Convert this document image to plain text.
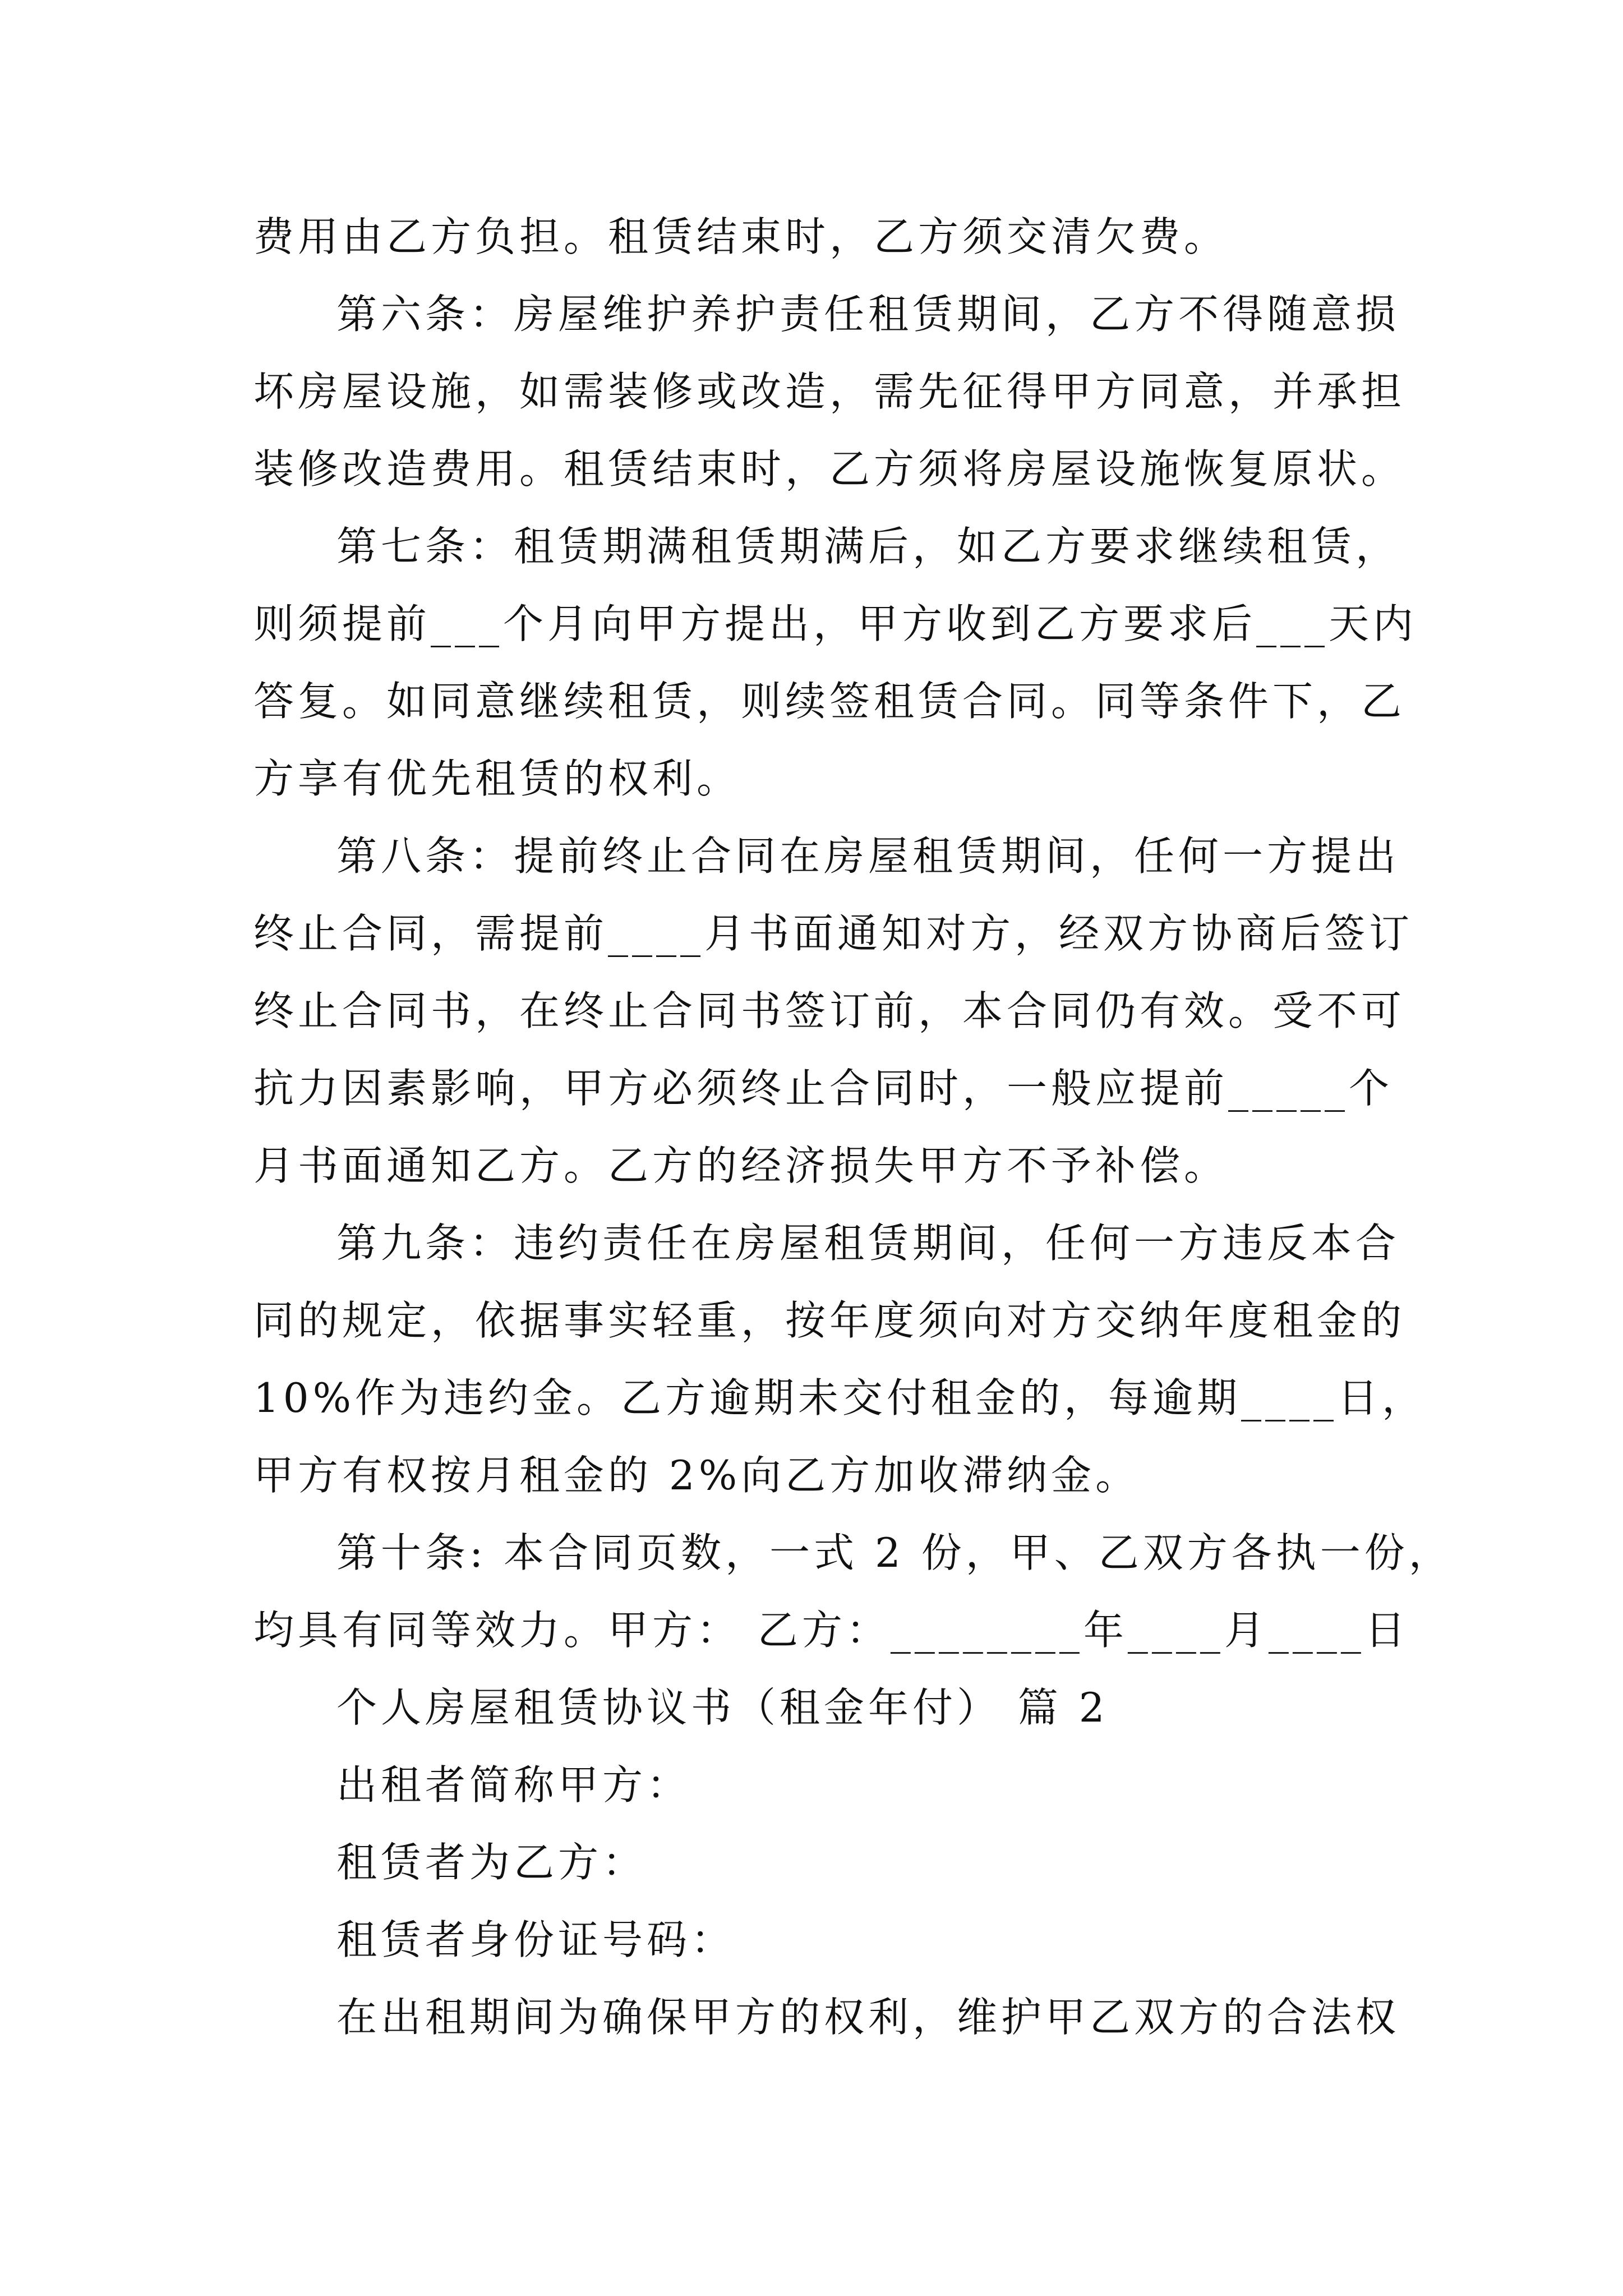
费用由乙方负担。租赁结束时，乙方须交清欠费。
第六条：房屋维护养护责任租赁期间，乙方不得随意损
坏房屋设施，如需装修或改造，需先征得甲方同意，并承担
装修改造费用。租赁结束时，乙方须将房屋设施恢复原状。
第七条：租赁期满租赁期满后，如乙方要求继续租赁，
则须提前___个月向甲方提出，甲方收到乙方要求后___天内
答复。如同意继续租赁，则续签租赁合同。同等条件下，乙
方享有优先租赁的权利。
第八条：提前终止合同在房屋租赁期间，任何一方提出
终止合同，需提前____月书面通知对方，经双方协商后签订
终止合同书，在终止合同书签订前，本合同仍有效。受不可
抗力因素影响，甲方必须终止合同时，一般应提前_____个
月书面通知乙方。乙方的经济损失甲方不予补偿。
第九条：违约责任在房屋租赁期间，任何一方违反本合
同的规定，依据事实轻重，按年度须向对方交纳年度租金的
10%作为违约金。乙方逾期未交付租金的，每逾期____日，
甲方有权按月租金的 2%向乙方加收滞纳金。
第十条: 本合同页数，一式 2 份，甲、乙双方各执一份，
均具有同等效力。甲方： 乙方：________年____月____日
个人房屋租赁协议书（租金年付） 篇 2
出租者简称甲方：
租赁者为乙方：
租赁者身份证号码：
在出租期间为确保甲方的权利，维护甲乙双方的合法权
